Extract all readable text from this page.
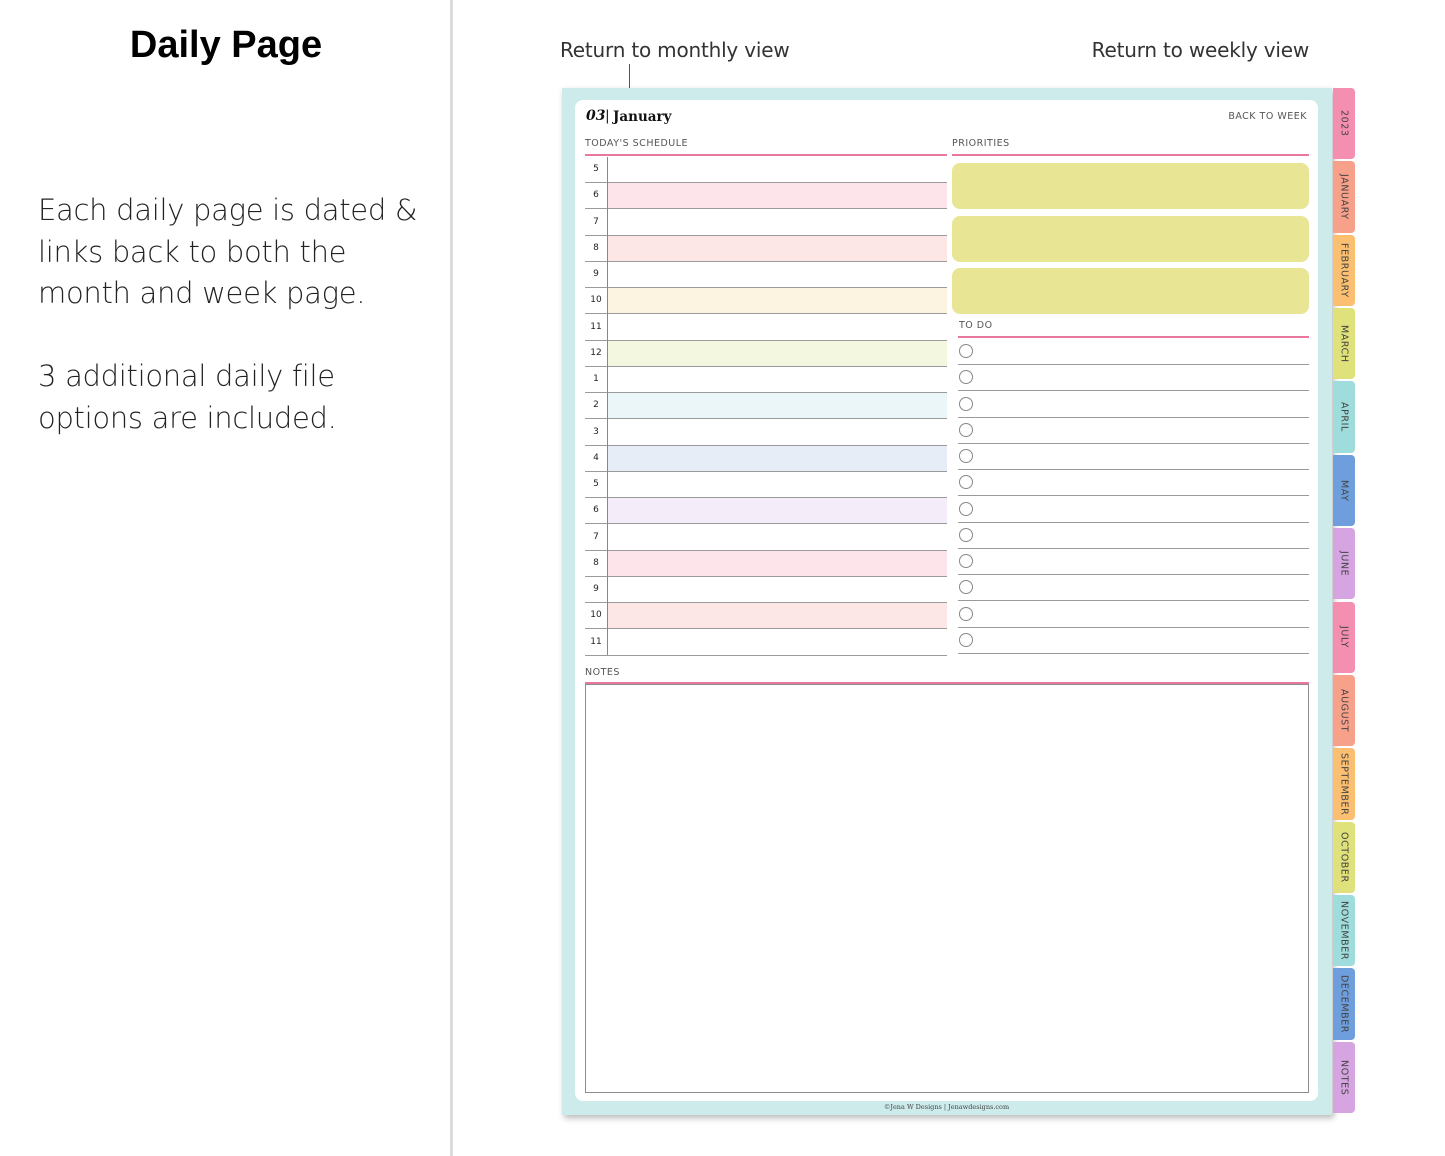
Daily Page
Each daily page is dated &
links back to both the
month and week page.
3 additional daily file
options are included.
Return to monthly view	Return to weekly view
03 | January	BACK TO WEEK
TODAY'S SCHEDULE
5
6
7
8
9
10
11
12
1
2
3
4
5
6
7
8
9
10
11
PRIORITIES
TO DO
NOTES
©Jena W Designs | Jenawdesigns.com
2023
JANUARY
FEBRUARY
MARCH
APRIL
MAY
JUNE
JULY
AUGUST
SEPTEMBER
OCTOBER
NOVEMBER
DECEMBER
NOTES
